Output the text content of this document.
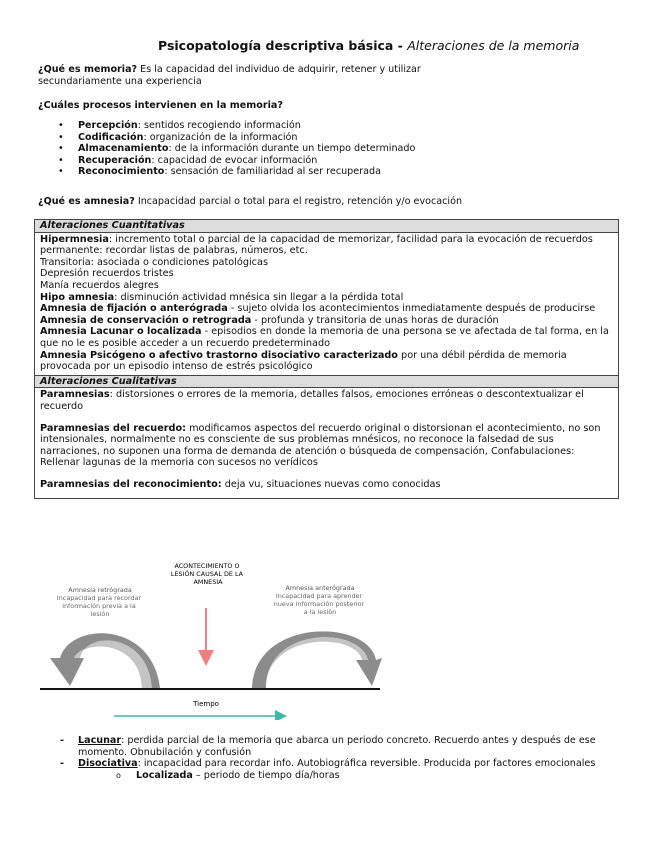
Psicopatología descriptiva básica - Alteraciones de la memoria
¿Qué es memoria? Es la capacidad del individuo de adquirir, retener y utilizar
secundariamente una experiencia
¿Cuáles procesos intervienen en la memoria?
• Percepción: sentidos recogiendo información
• Codificación: organización de la información
• Almacenamiento: de la información durante un tiempo determinado
• Recuperación: capacidad de evocar información
• Reconocimiento: sensación de familiaridad al ser recuperada
¿Qué es amnesia? Incapacidad parcial o total para el registro, retención y/o evocación
Alteraciones Cuantitativas

Hipermnesia: incremento total o parcial de la capacidad de memorizar, facilidad para la evocación de recuerdos

permanente: recordar listas de palabras, números, etc.

Transitoria: asociada o condiciones patológicas

Depresión recuerdos tristes

Manía recuerdos alegres

Hipo amnesia: disminución actividad mnésica sin llegar a la pérdida total

Amnesia de fijación o anterógrada - sujeto olvida los acontecimientos inmediatamente después de producirse

Amnesia de conservación o retrograda - profunda y transitoria de unas horas de duración

Amnesia Lacunar o localizada - episodios en donde la memoria de una persona se ve afectada de tal forma, en la que no le es posible acceder a un recuerdo predeterminado

Amnesia Psicógeno o afectivo trastorno disociativo caracterizado por una débil pérdida de memoria provocada por un episodio intenso de estrés psicológico

Alteraciones Cualitativas

Paramnesias: distorsiones o errores de la memoria, detalles falsos, emociones erróneas o descontextualizar el recuerdo

Paramnesias del recuerdo: modificamos aspectos del recuerdo original o distorsionan el acontecimiento, no son intensionales, normalmente no es consciente de sus problemas mnésicos, no reconoce la falsedad de sus narraciones, no suponen una forma de demanda de atención o búsqueda de compensación, Confabulaciones: Rellenar lagunas de la memoria con sucesos no verídicos

Paramnesias del reconocimiento: deja vu, situaciones nuevas como conocidas

ACONTECIMIENTO O LESIÓN CAUSAL DE LA AMNESIA
Amnesia retrógrada
Incapacidad para recordar información previa a la lesión
Amnesia anterógrada
Incapacidad para aprender nueva información posterior a la lesión
Tiempo
- Lacunar: perdida parcial de la memoria que abarca un periodo concreto. Recuerdo antes y después de ese momento. Obnubilación y confusión
- Disociativa: incapacidad para recordar info. Autobiográfica reversible. Producida por factores emocionales
o Localizada – periodo de tiempo día/horas
